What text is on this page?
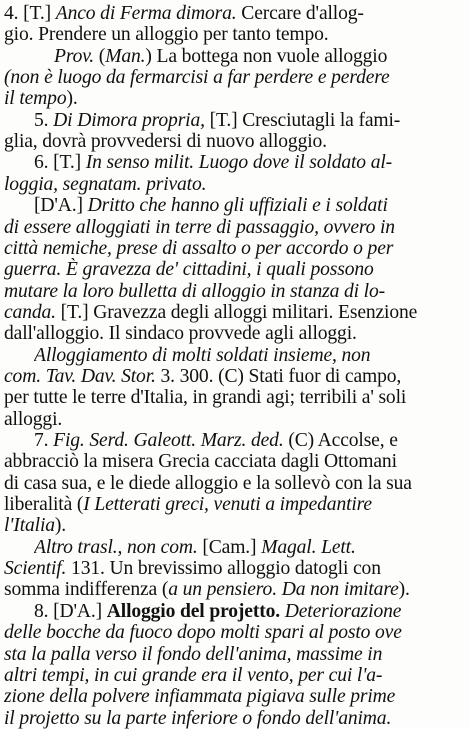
4. [T.] Anco di Ferma dimora. Cercare d'allog-
gio. Prendere un alloggio per tanto tempo.
Prov. (Man.) La bottega non vuole alloggio
(non è luogo da fermarcisi a far perdere e perdere
il tempo).
5. Di Dimora propria, [T.] Cresciutagli la fami-
glia, dovrà provvedersi di nuovo alloggio.
6. [T.] In senso milit. Luogo dove il soldato al-
loggia, segnatam. privato.
[D'A.] Dritto che hanno gli uffiziali e i soldati
di essere alloggiati in terre di passaggio, ovvero in
città nemiche, prese di assalto o per accordo o per
guerra. È gravezza de' cittadini, i quali possono
mutare la loro bulletta di alloggio in stanza di lo-
canda. [T.] Gravezza degli alloggi militari. Esenzione
dall'alloggio. Il sindaco provvede agli alloggi.
Alloggiamento di molti soldati insieme, non
com. Tav. Dav. Stor. 3. 300. (C) Stati fuor di campo,
per tutte le terre d'Italia, in grandi agi; terribili a' soli
alloggi.
7. Fig. Serd. Galeott. Marz. ded. (C) Accolse, e
abbracciò la misera Grecia cacciata dagli Ottomani
di casa sua, e le diede alloggio e la sollevò con la sua
liberalità (I Letterati greci, venuti a impedantire
l'Italia).
Altro trasl., non com. [Cam.] Magal. Lett.
Scientif. 131. Un brevissimo alloggio datogli con
somma indifferenza (a un pensiero. Da non imitare).
8. [D'A.] Alloggio del projetto. Deteriorazione
delle bocche da fuoco dopo molti spari al posto ove
sta la palla verso il fondo dell'anima, massime in
altri tempi, in cui grande era il vento, per cui l'a-
zione della polvere infiammata pigiava sulle prime
il projetto su la parte inferiore o fondo dell'anima.
